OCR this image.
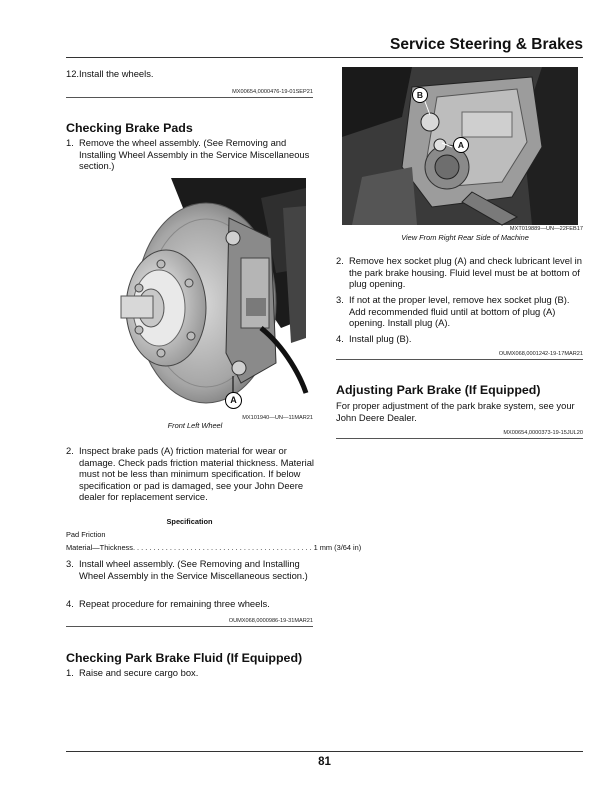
Service Steering & Brakes
12. Install the wheels.
MX00654,0000476-19-01SEP21
Checking Brake Pads
1. Remove the wheel assembly. (See Removing and Installing Wheel Assembly in the Service Miscellaneous section.)
A
MX101940—UN—11MAR21
Front Left Wheel
2. Inspect brake pads (A) friction material for wear or damage. Check pads friction material thickness. Material must not be less than minimum specification. If below specification or pad is damaged, see your John Deere dealer for replacement service.
Specification
Pad Friction
Material—Thickness . . . . . . . . . . . . . . . . . . . . . . . . . . . . . . . . . . . . . . . . . . . . 1 mm (3/64 in)
3. Install wheel assembly. (See Removing and Installing Wheel Assembly in the Service Miscellaneous section.)
4. Repeat procedure for remaining three wheels.
OUMX068,0000986-19-31MAR21
Checking Park Brake Fluid (If Equipped)
1. Raise and secure cargo box.
B
A
MXT019889—UN—22FEB17
View From Right Rear Side of Machine
2. Remove hex socket plug (A) and check lubricant level in the park brake housing. Fluid level must be at bottom of plug opening.
3. If not at the proper level, remove hex socket plug (B). Add recommended fluid until at bottom of plug (A) opening. Install plug (A).
4. Install plug (B).
OUMX068,0001242-19-17MAR21
Adjusting Park Brake (If Equipped)
For proper adjustment of the park brake system, see your John Deere Dealer.
MX00654,0000373-19-15JUL20
81
